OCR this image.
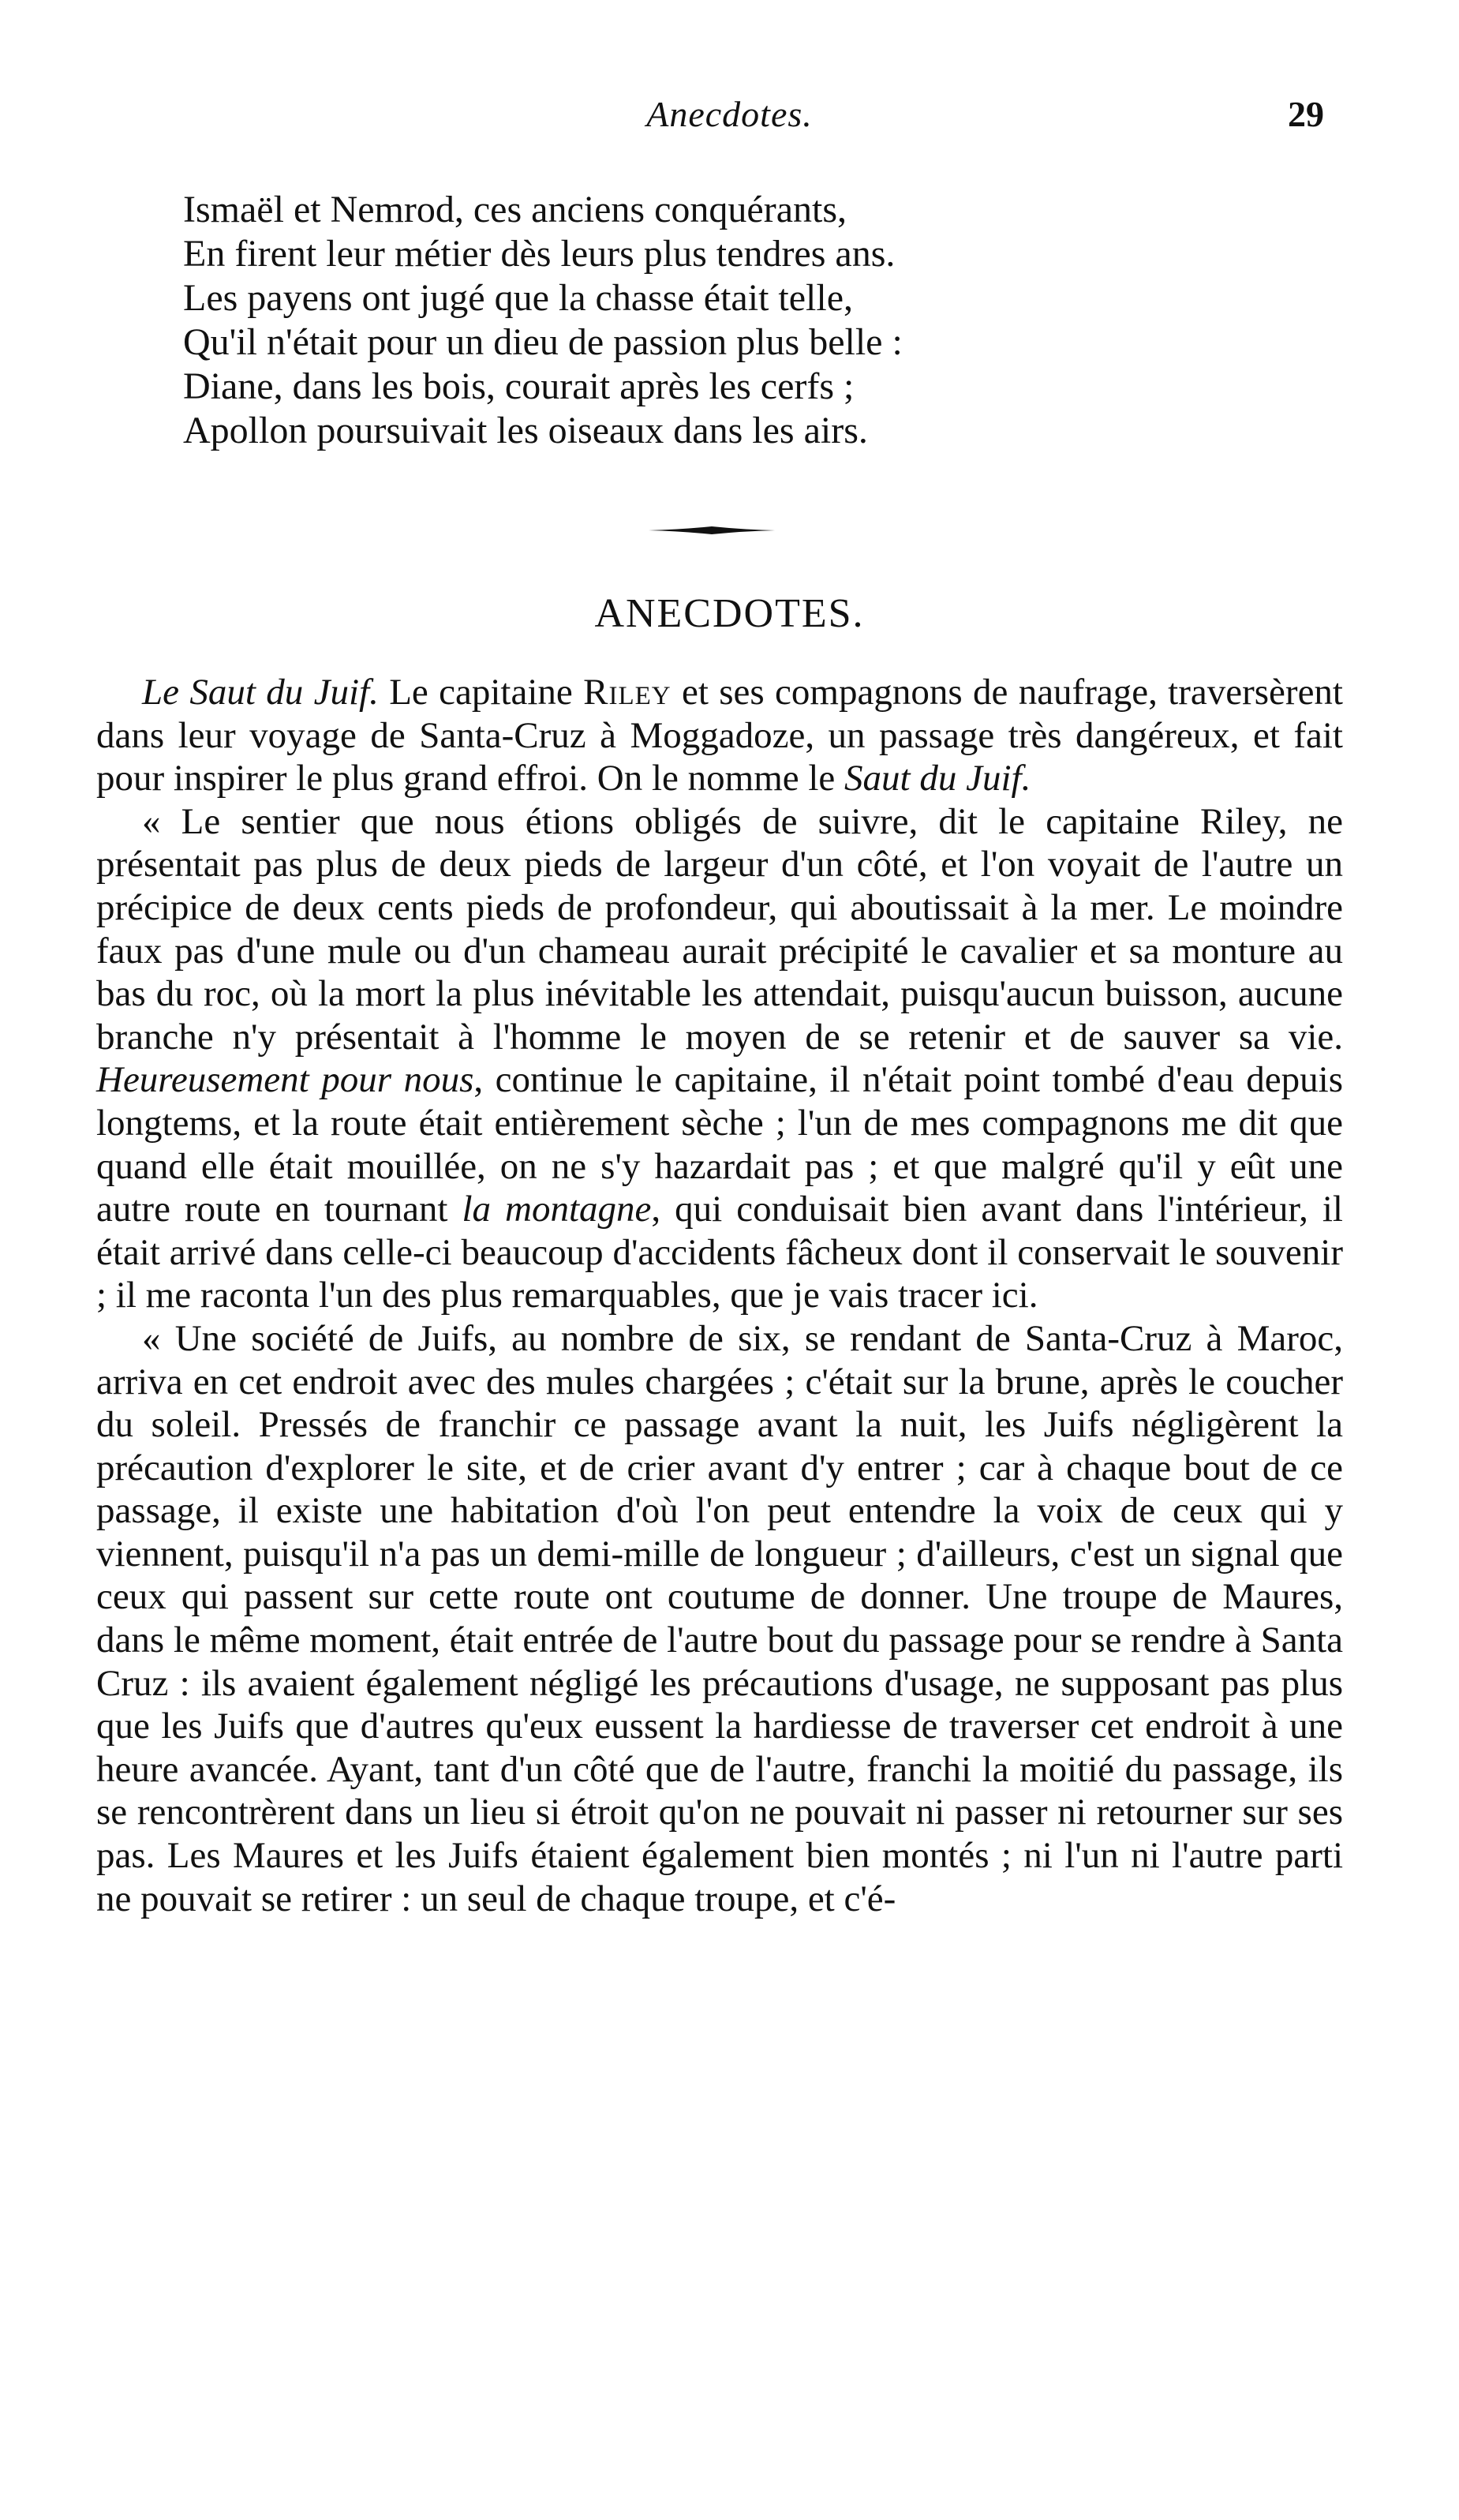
Anecdotes.	29
Ismaël et Nemrod, ces anciens conquérants,
En firent leur métier dès leurs plus tendres ans.
Les payens ont jugé que la chasse était telle,
Qu'il n'était pour un dieu de passion plus belle :
Diane, dans les bois, courait après les cerfs ;
Apollon poursuivait les oiseaux dans les airs.
ANECDOTES.

Le Saut du Juif. Le capitaine Riley et ses compagnons de naufrage, traversèrent dans leur voyage de Santa-Cruz à Moggadoze, un passage très dangéreux, et fait pour inspirer le plus grand effroi. On le nomme le Saut du Juif.

« Le sentier que nous étions obligés de suivre, dit le capitaine Riley, ne présentait pas plus de deux pieds de largeur d'un côté, et l'on voyait de l'autre un précipice de deux cents pieds de profondeur, qui aboutissait à la mer. Le moindre faux pas d'une mule ou d'un chameau aurait précipité le cavalier et sa monture au bas du roc, où la mort la plus inévitable les attendait, puisqu'aucun buisson, aucune branche n'y présentait à l'homme le moyen de se retenir et de sauver sa vie. Heureusement pour nous, continue le capitaine, il n'était point tombé d'eau depuis longtems, et la route était entièrement sèche ; l'un de mes compagnons me dit que quand elle était mouillée, on ne s'y hazardait pas ; et que malgré qu'il y eût une autre route en tournant la montagne, qui conduisait bien avant dans l'intérieur, il était arrivé dans celle-ci beaucoup d'accidents fâcheux dont il conservait le souvenir ; il me raconta l'un des plus remarquables, que je vais tracer ici.

« Une société de Juifs, au nombre de six, se rendant de Santa-Cruz à Maroc, arriva en cet endroit avec des mules chargées ; c'était sur la brune, après le coucher du soleil. Pressés de franchir ce passage avant la nuit, les Juifs négligèrent la précaution d'explorer le site, et de crier avant d'y entrer ; car à chaque bout de ce passage, il existe une habitation d'où l'on peut entendre la voix de ceux qui y viennent, puisqu'il n'a pas un demi-mille de longueur ; d'ailleurs, c'est un signal que ceux qui passent sur cette route ont coutume de donner. Une troupe de Maures, dans le même moment, était entrée de l'autre bout du passage pour se rendre à Santa Cruz : ils avaient également négligé les précautions d'usage, ne supposant pas plus que les Juifs que d'autres qu'eux eussent la hardiesse de traverser cet endroit à une heure avancée. Ayant, tant d'un côté que de l'autre, franchi la moitié du passage, ils se rencontrèrent dans un lieu si étroit qu'on ne pouvait ni passer ni retourner sur ses pas. Les Maures et les Juifs étaient également bien montés ; ni l'un ni l'autre parti ne pouvait se retirer : un seul de chaque troupe, et c'é-
